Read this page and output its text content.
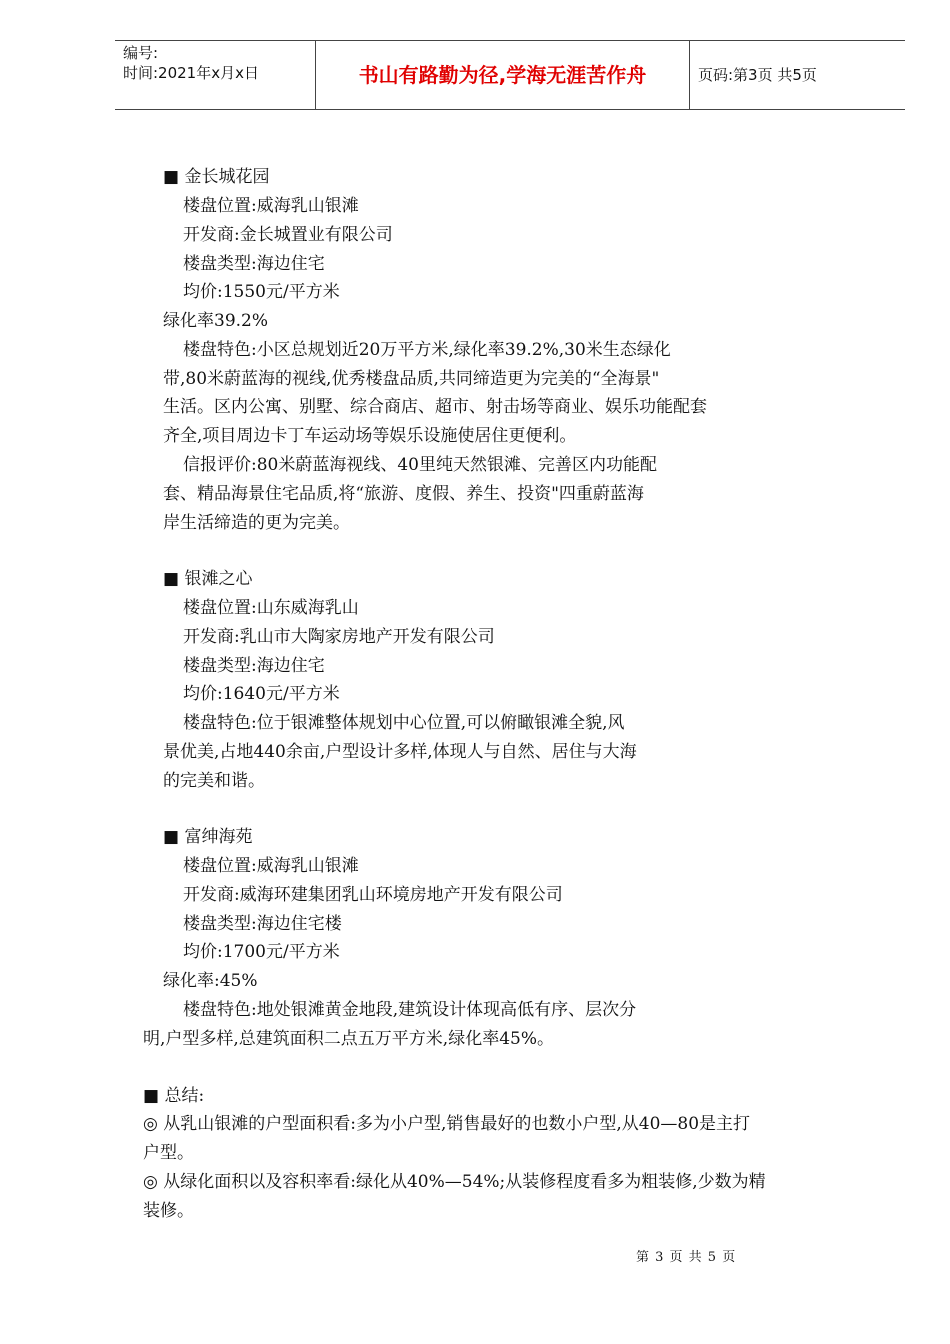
编号:
时间:2021年x月x日	书山有路勤为径,学海无涯苦作舟	页码:第3页 共5页
■ 金长城花园
楼盘位置:威海乳山银滩
开发商:金长城置业有限公司
楼盘类型:海边住宅
均价:1550元/平方米
绿化率39.2%
楼盘特色:小区总规划近20万平方米,绿化率39.2%,30米生态绿化
带,80米蔚蓝海的视线,优秀楼盘品质,共同缔造更为完美的“全海景"
生活。区内公寓、别墅、综合商店、超市、射击场等商业、娱乐功能配套
齐全,项目周边卡丁车运动场等娱乐设施使居住更便利。
信报评价:80米蔚蓝海视线、40里纯天然银滩、完善区内功能配
套、精品海景住宅品质,将“旅游、度假、养生、投资"四重蔚蓝海
岸生活缔造的更为完美。
■ 银滩之心
楼盘位置:山东威海乳山
开发商:乳山市大陶家房地产开发有限公司
楼盘类型:海边住宅
均价:1640元/平方米
楼盘特色:位于银滩整体规划中心位置,可以俯瞰银滩全貌,风
景优美,占地440余亩,户型设计多样,体现人与自然、居住与大海
的完美和谐。
■ 富绅海苑
楼盘位置:威海乳山银滩
开发商:威海环建集团乳山环境房地产开发有限公司
楼盘类型:海边住宅楼
均价:1700元/平方米
绿化率:45%
楼盘特色:地处银滩黄金地段,建筑设计体现高低有序、层次分
明,户型多样,总建筑面积二点五万平方米,绿化率45%。
■ 总结:
◎ 从乳山银滩的户型面积看:多为小户型,销售最好的也数小户型,从40—80是主打
户型。
◎ 从绿化面积以及容积率看:绿化从40%—54%;从装修程度看多为粗装修,少数为精
装修。
第 3 页 共 5 页
